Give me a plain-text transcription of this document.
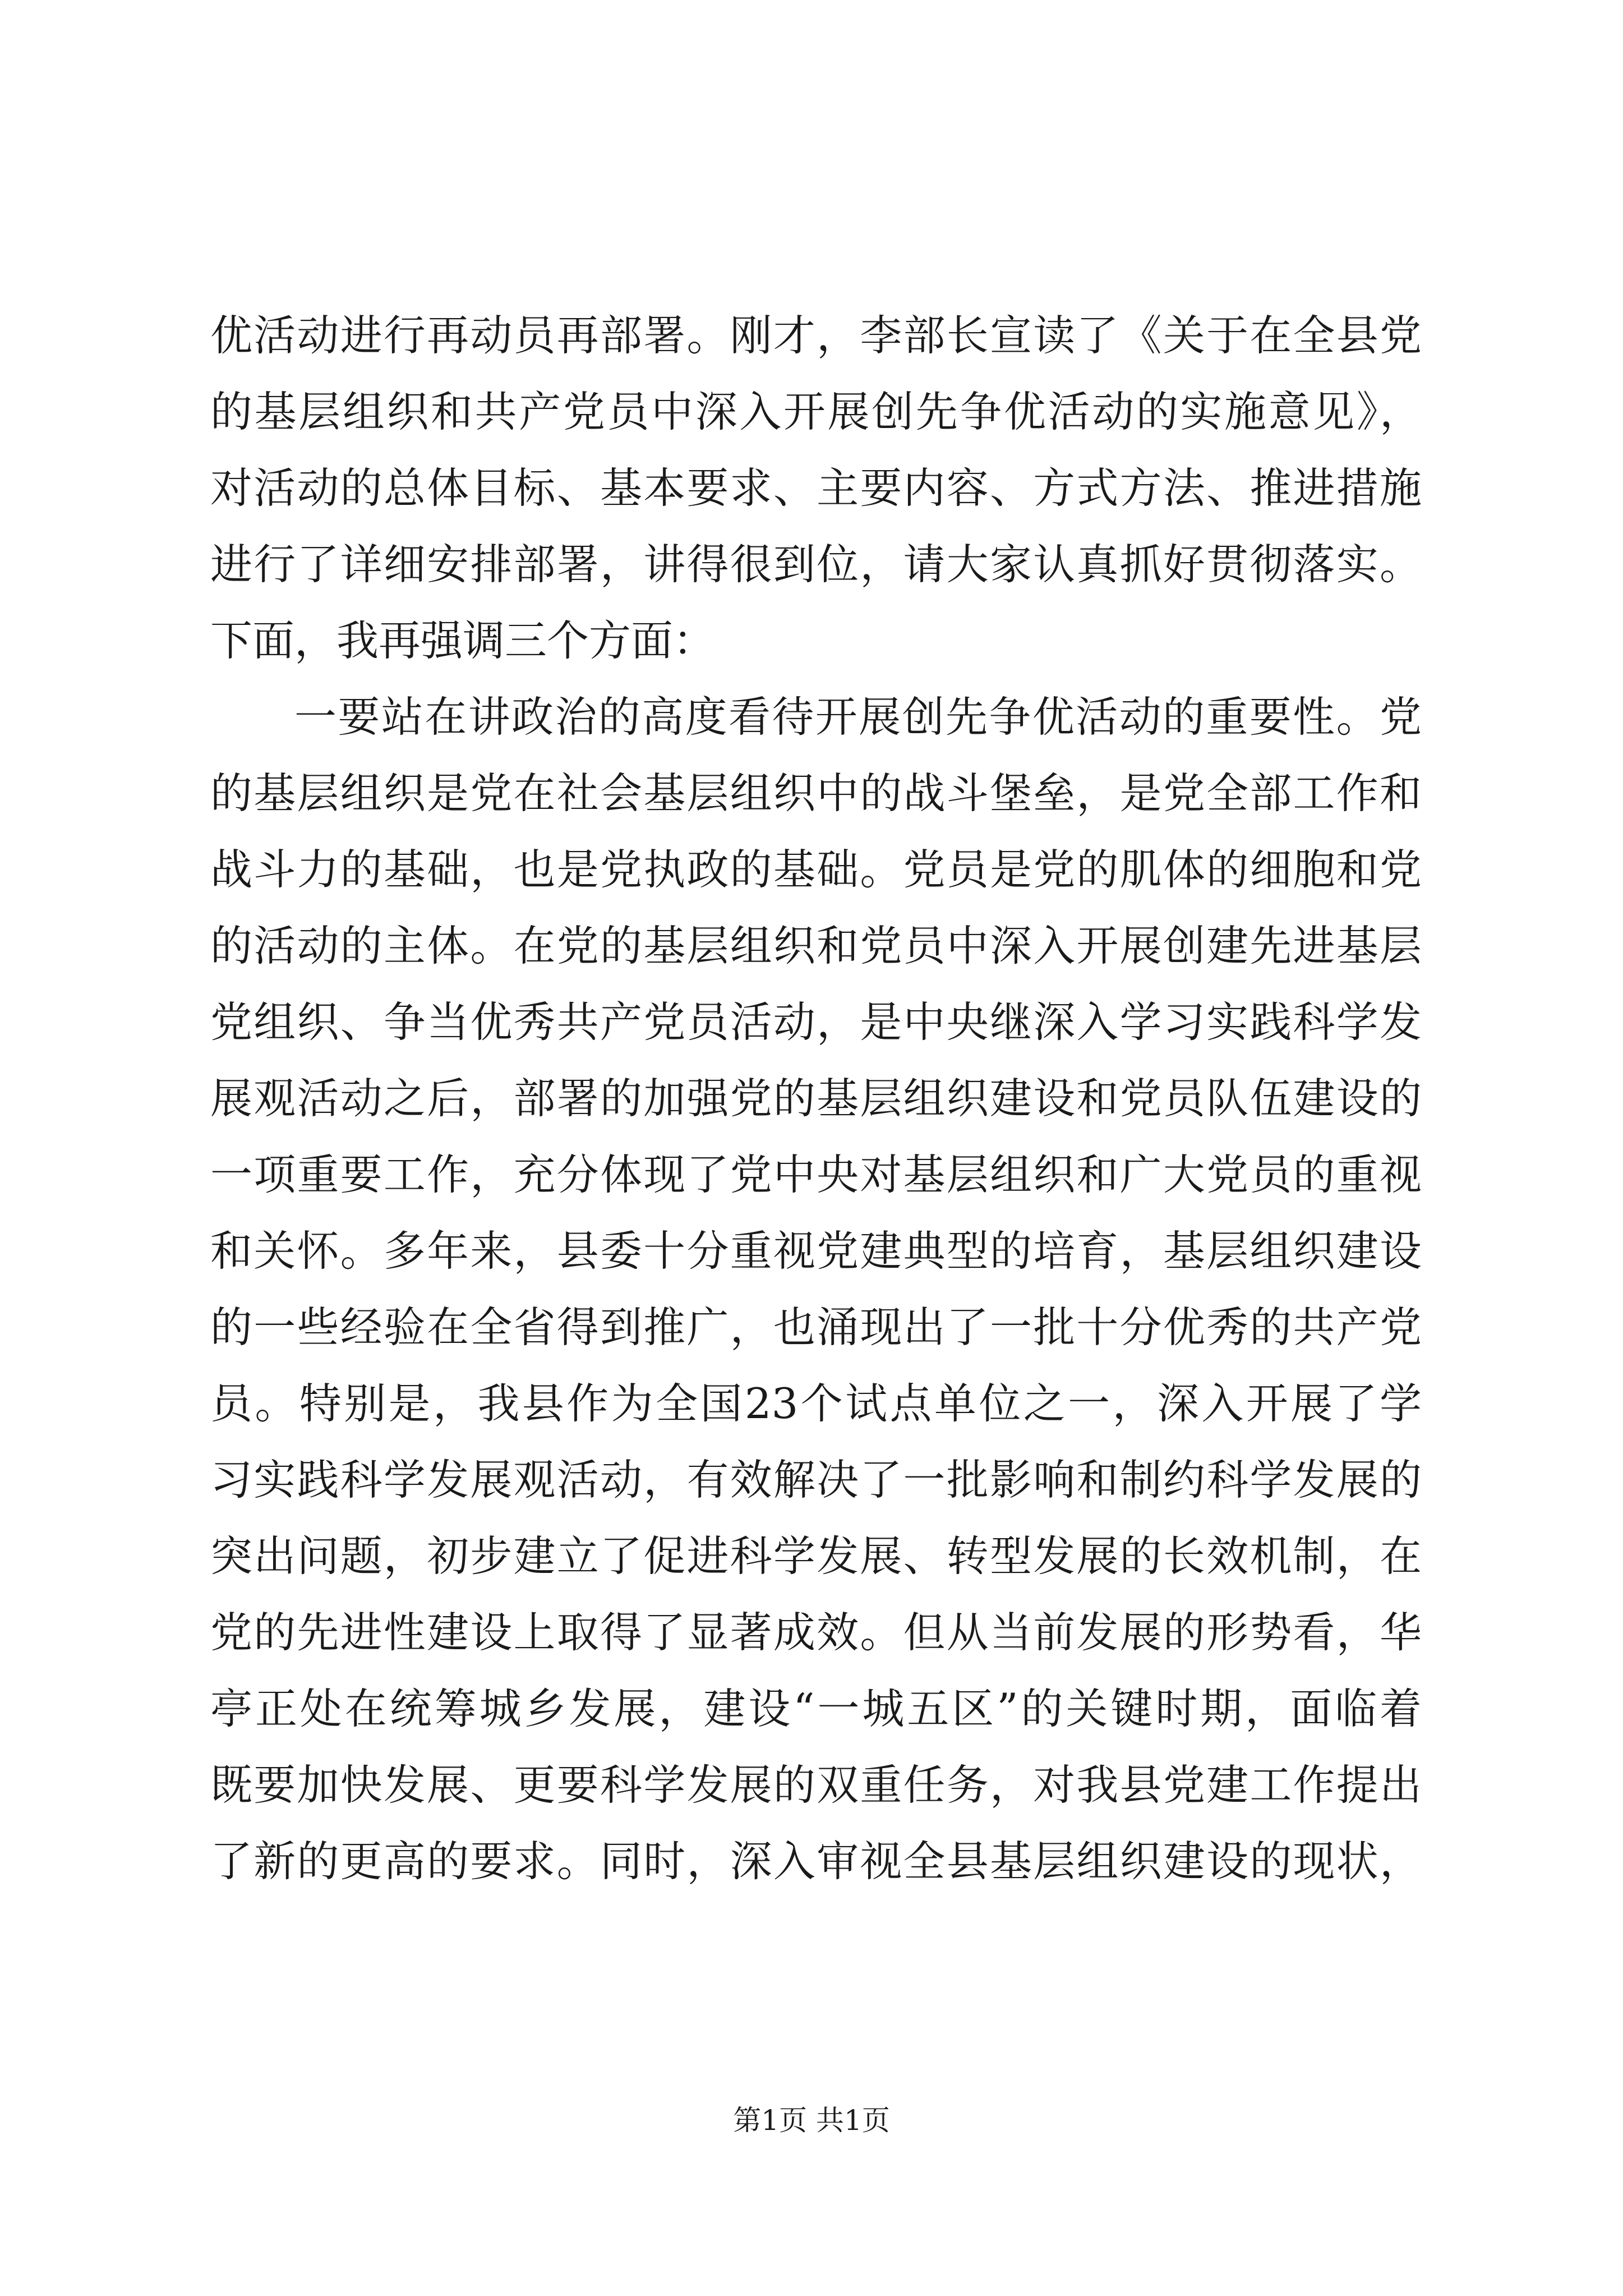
优活动进行再动员再部署。刚才，李部长宣读了《关于在全县党
的基层组织和共产党员中深入开展创先争优活动的实施意见》，
对活动的总体目标、基本要求、主要内容、方式方法、推进措施
进行了详细安排部署，讲得很到位，请大家认真抓好贯彻落实。
下面，我再强调三个方面：
一要站在讲政治的高度看待开展创先争优活动的重要性。党
的基层组织是党在社会基层组织中的战斗堡垒，是党全部工作和
战斗力的基础，也是党执政的基础。党员是党的肌体的细胞和党
的活动的主体。在党的基层组织和党员中深入开展创建先进基层
党组织、争当优秀共产党员活动，是中央继深入学习实践科学发
展观活动之后，部署的加强党的基层组织建设和党员队伍建设的
一项重要工作，充分体现了党中央对基层组织和广大党员的重视
和关怀。多年来，县委十分重视党建典型的培育，基层组织建设
的一些经验在全省得到推广，也涌现出了一批十分优秀的共产党
员。特别是，我县作为全国23个试点单位之一，深入开展了学
习实践科学发展观活动，有效解决了一批影响和制约科学发展的
突出问题，初步建立了促进科学发展、转型发展的长效机制，在
党的先进性建设上取得了显著成效。但从当前发展的形势看，华
亭正处在统筹城乡发展，建设“一城五区”的关键时期，面临着
既要加快发展、更要科学发展的双重任务，对我县党建工作提出
了新的更高的要求。同时，深入审视全县基层组织建设的现状，
第1页 共1页
